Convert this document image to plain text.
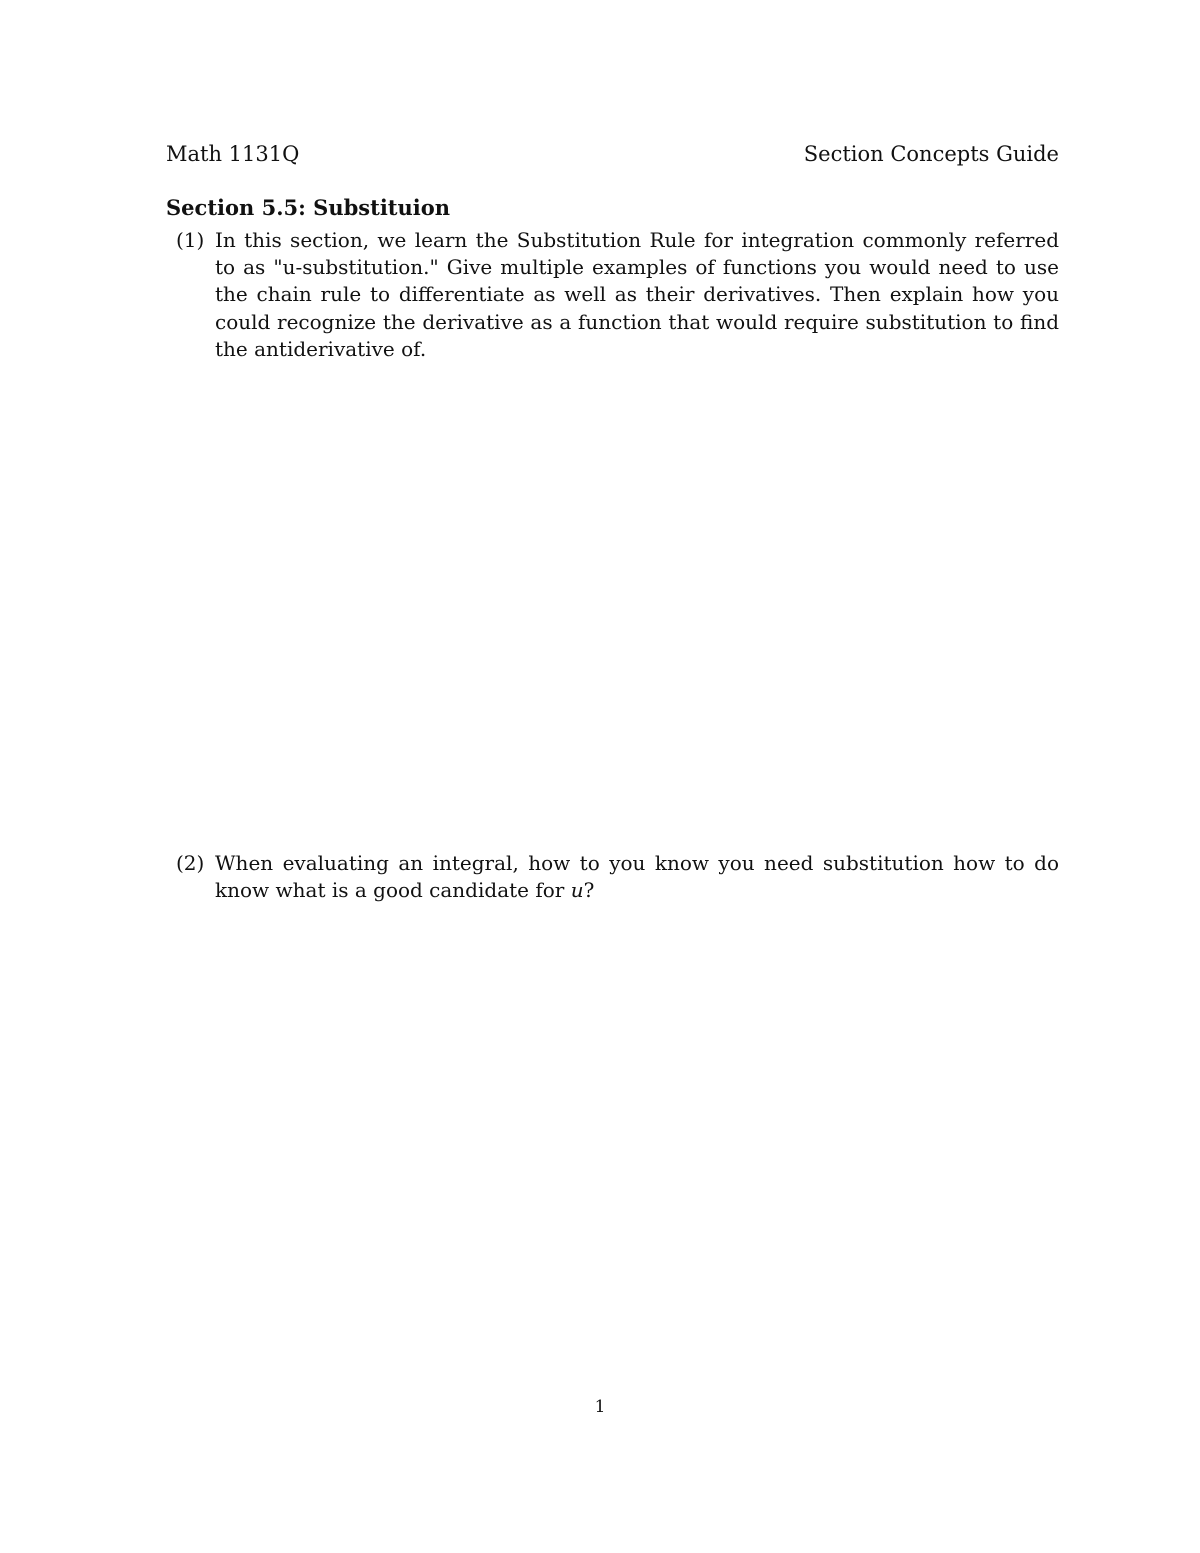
Math 1131Q	Section Concepts Guide
Section 5.5: Substituion
(1) In this section, we learn the Substitution Rule for integration commonly referred to as "u-substitution." Give multiple examples of functions you would need to use the chain rule to differentiate as well as their derivatives. Then explain how you could recognize the derivative as a function that would require substitution to find the antiderivative of.
(2) When evaluating an integral, how to you know you need substitution how to do know what is a good candidate for u?
1
